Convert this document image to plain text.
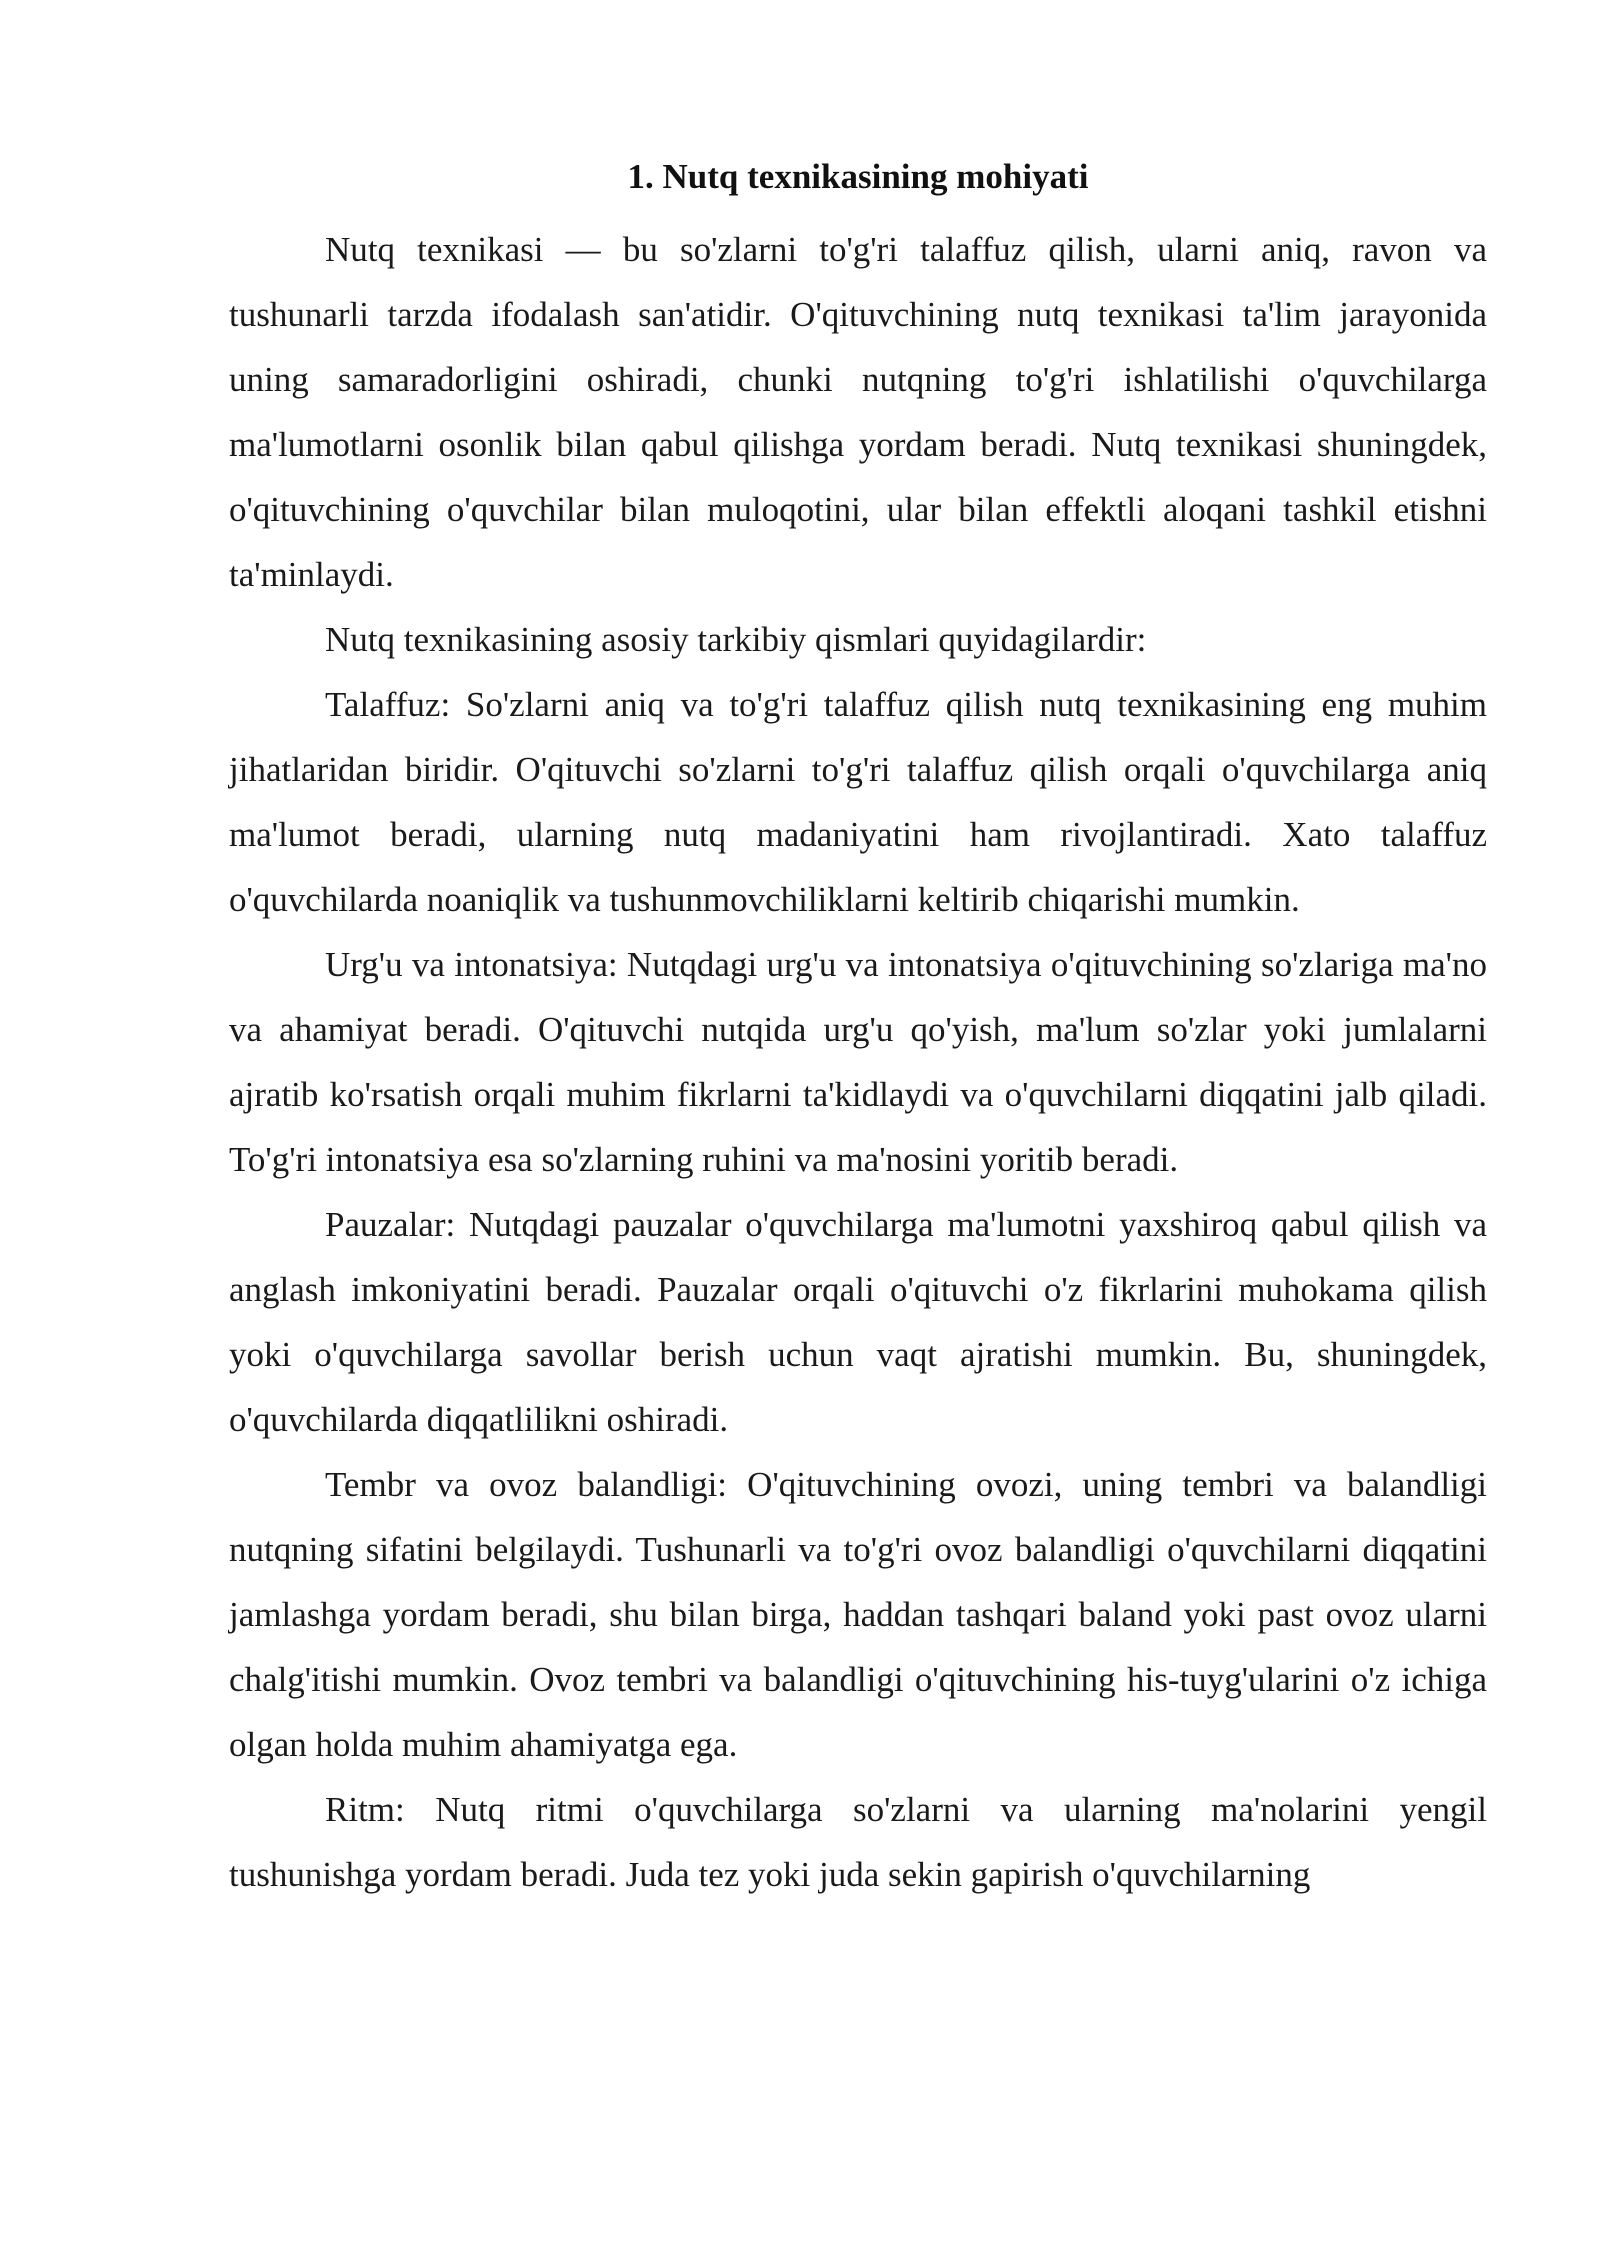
1. Nutq texnikasining mohiyati

Nutq texnikasi — bu so'zlarni to'g'ri talaffuz qilish, ularni aniq, ravon va tushunarli tarzda ifodalash san'atidir. O'qituvchining nutq texnikasi ta'lim jarayonida uning samaradorligini oshiradi, chunki nutqning to'g'ri ishlatilishi o'quvchilarga ma'lumotlarni osonlik bilan qabul qilishga yordam beradi. Nutq texnikasi shuningdek, o'qituvchining o'quvchilar bilan muloqotini, ular bilan effektli aloqani tashkil etishni ta'minlaydi.

Nutq texnikasining asosiy tarkibiy qismlari quyidagilardir:

Talaffuz: So'zlarni aniq va to'g'ri talaffuz qilish nutq texnikasining eng muhim jihatlaridan biridir. O'qituvchi so'zlarni to'g'ri talaffuz qilish orqali o'quvchilarga aniq ma'lumot beradi, ularning nutq madaniyatini ham rivojlantiradi. Xato talaffuz o'quvchilarda noaniqlik va tushunmovchiliklarni keltirib chiqarishi mumkin.

Urg'u va intonatsiya: Nutqdagi urg'u va intonatsiya o'qituvchining so'zlariga ma'no va ahamiyat beradi. O'qituvchi nutqida urg'u qo'yish, ma'lum so'zlar yoki jumlalarni ajratib ko'rsatish orqali muhim fikrlarni ta'kidlaydi va o'quvchilarni diqqatini jalb qiladi. To'g'ri intonatsiya esa so'zlarning ruhini va ma'nosini yoritib beradi.

Pauzalar: Nutqdagi pauzalar o'quvchilarga ma'lumotni yaxshiroq qabul qilish va anglash imkoniyatini beradi. Pauzalar orqali o'qituvchi o'z fikrlarini muhokama qilish yoki o'quvchilarga savollar berish uchun vaqt ajratishi mumkin. Bu, shuningdek, o'quvchilarda diqqatlilikni oshiradi.

Tembr va ovoz balandligi: O'qituvchining ovozi, uning tembri va balandligi nutqning sifatini belgilaydi. Tushunarli va to'g'ri ovoz balandligi o'quvchilarni diqqatini jamlashga yordam beradi, shu bilan birga, haddan tashqari baland yoki past ovoz ularni chalg'itishi mumkin. Ovoz tembri va balandligi o'qituvchining his-tuyg'ularini o'z ichiga olgan holda muhim ahamiyatga ega.

Ritm: Nutq ritmi o'quvchilarga so'zlarni va ularning ma'nolarini yengil tushunishga yordam beradi. Juda tez yoki juda sekin gapirish o'quvchilarning
